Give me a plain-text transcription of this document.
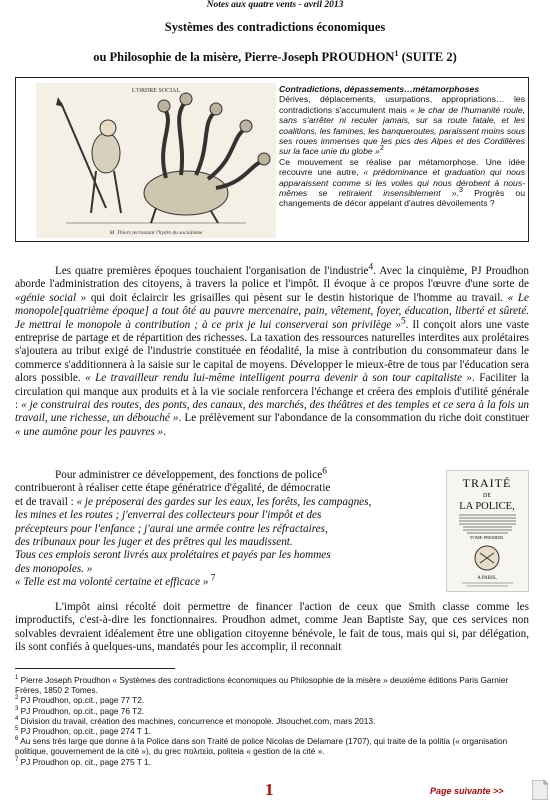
Notes aux quatre vents - avril 2013
Systèmes des contradictions économiques
ou Philosophie de la misère, Pierre-Joseph PROUDHON$^1$ (SUITE 2)
L'ORDRE SOCIAL
M. Thiers terrassant l'hydre du socialisme
Contradictions, dépassements…métamorphoses
Dérives, déplacements, usurpations, appropriations… les contradictions s'accumulent mais « le char de l'humanité roule, sans s'arrêter ni reculer jamais, sur sa route fatale, et les coalitions, les famines, les banqueroutes, paraissent moins sous ses roues immenses que les pics des Alpes et des Cordillères sur la face unie du globe »$^2$
Ce mouvement se réalise par métamorphose. Une idée recouvre une autre, « prédominance et graduation qui nous apparaissent comme si les voiles qui nous dérobent à nous-mêmes se retiraient insensiblement ».$^3$ Progrès ou changements de décor appelant d'autres dévoilements ?

Les quatre premières époques touchaient l'organisation de l'industrie$^4$. Avec la cinquième, PJ Proudhon aborde l'administration des citoyens, à travers la police et l'impôt. Il évoque à ce propos l'œuvre d'une sorte de «génie social » qui doit éclaircir les grisailles qui pèsent sur le destin historique de l'homme au travail. « Le monopole[quatrième époque] a tout ôté au pauvre mercenaire, pain, vêtement, foyer, éducation, liberté et sûreté. Je mettrai le monopole à contribution ; à ce prix je lui conserverai son privilège »$^5$. Il conçoit alors une vaste entreprise de partage et de répartition des richesses. La taxation des ressources naturelles interdites aux prolétaires s'ajoutera au tribut exigé de l'industrie constituée en féodalité, la mise à contribution du consommateur dans le commerce s'additionnera à la saisie sur le capital de moyens. Développer le mieux-être de tous par l'éducation sera alors possible. « Le travailleur rendu lui-même intelligent pourra devenir à son tour capitaliste ». Faciliter la circulation qui manque aux produits et à la vie sociale renforcera l'échange et créera des emplois d'utilité générale : « je construirai des routes, des ponts, des canaux, des marchés, des théâtres et des temples et ce sera à la fois un travail, une richesse, un débouché ». Le prélèvement sur l'abondance de la consommation du riche doit constituer « une aumône pour les pauvres ».

Pour administrer ce développement, des fonctions de police$^6$
contribueront à réaliser cette étape génératrice d'égalité, de démocratie
et de travail : « je préposerai des gardes sur les eaux, les forêts, les campagnes,
les mines et les routes ; j'enverrai des collecteurs pour l'impôt et des
précepteurs pour l'enfance ; j'aurai une armée contre les réfractaires,
des tribunaux pour les juger et des prêtres qui les maudissent.
Tous ces emplois seront livrés aux prolétaires et payés par les hommes
des monopoles. »
« Telle est ma volonté certaine et efficace » $^7$
TRAITÉ
DE
LA POLICE,
TOME PREMIER.
A PARIS,

L'impôt ainsi récolté doit permettre de financer l'action de ceux que Smith classe comme les improductifs, c'est-à-dire les fonctionnaires. Proudhon admet, comme Jean Baptiste Say, que ces services non solvables devraient idéalement être une obligation citoyenne bénévole, le fait de tous, mais qui si, par délégation, ils sont confiés à quelques-uns, mandatés pour les accomplir, il reconnait

$^1$ Pierre Joseph Proudhon « Systèmes des contradictions économiques ou Philosophie de la misère » deuxième éditions Paris Garnier Frères, 1850 2 Tomes.
$^2$ PJ Proudhon, op.cit., page 77 T2.
$^3$ PJ Proudhon, op.cit., page 76 T2.
$^4$ Division du travail, création des machines, concurrence et monopole. Jlsouchet.com, mars 2013.
$^5$ PJ Proudhon, op.cit., page 274 T 1.
$^6$ Au sens très large que donne à la Police dans son Traité de police Nicolas de Delamare (1707), qui traite de la politia (« organisation politique, gouvernement de la cité »), du grec πολιτεία, politeia « gestion de la cité ».
$^7$ PJ Proudhon op. cit., page 275 T 1.
1	Page suivante >>
